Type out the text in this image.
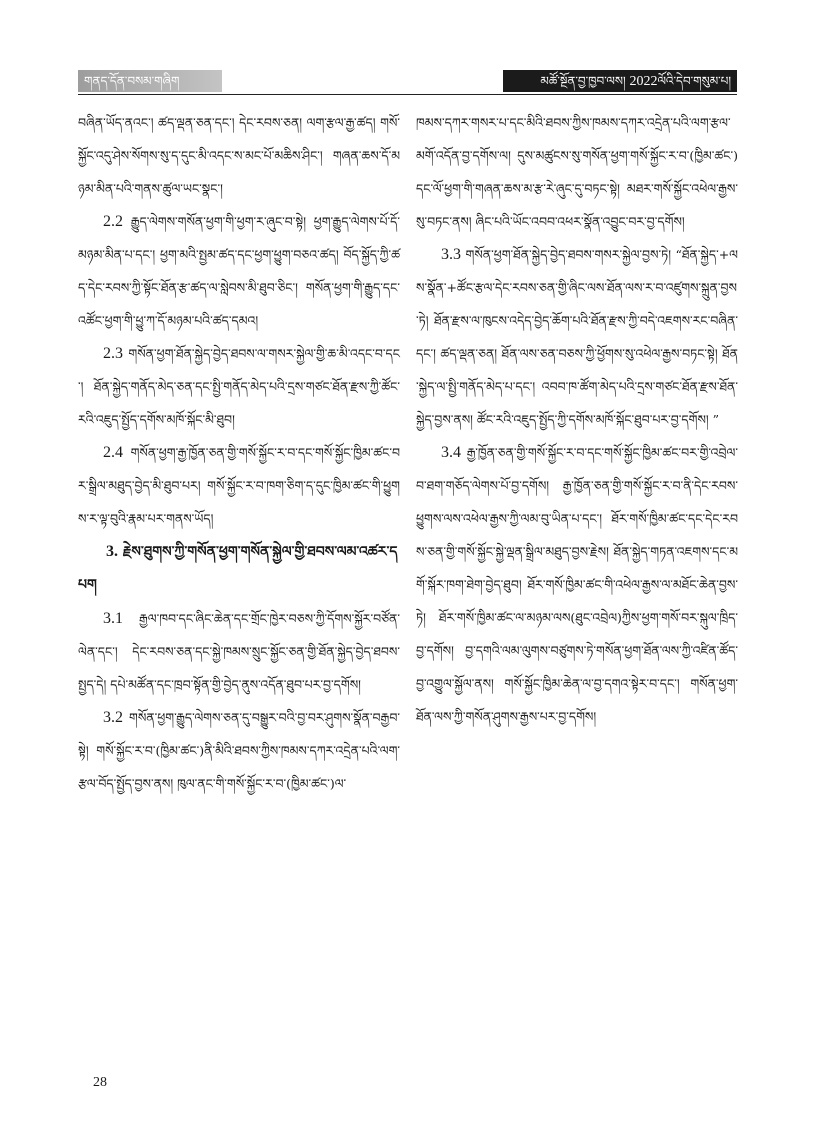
གནད་དོན་བསམ་གཞིག	མཚོ་སྔོན་བྱ་ཁྱབ་ལས། 2022ལོའི་དེབ་གསུམ་པ།

བཞིན་ཡོད་ནའང་། ཚད་ལྡན་ཅན་དང་། དེང་རབས་ཅན། ལག་རྩལ་རྒྱ་ཚད། གསོ་སྐྱོང་འདུ་ཤེས་སོགས་སུ་ད་དུང་མི་འདང་ས་མང་པོ་མཆིས་ཤིང་། གཞན་ཆས་དོ་མཉམ་མིན་པའི་གནས་ཚུལ་ཡང་སྣང་།

2.2 རྒྱུད་ལེགས་གསོན་ཕྱག་གི་ཕྱག་ར་ཞུང་བ་སྟེ། ཕྱག་རྒྱུད་ལེགས་པོ་དོ་མཉམ་མིན་པ་དང་། ཕྱག་མའི་སྤྱམ་ཚད་དང་ཕྱག་ཕྱུག་བཅའ་ཚད། བོད་སྐྱོད་ཀྱི་ཚད་དེང་རབས་ཀྱི་སྟོང་ཐོན་རྩ་ཚད་ལ་སླེབས་མི་ཐུབ་ཅིང་། གསོན་ཕྱག་གི་རྒྱུད་དང་འཚོང་ཕྱག་གི་ཕྱུ་ཀ་དོ་མཉམ་པའི་ཚད་དམའ།

2.3 གསོན་ཕྱག་ཐོན་སྐྱེད་བྱེད་ཐབས་ལ་གསར་སྐྱེལ་གྱི་ཆ་མི་འདང་བ་དང་། ཐོན་སྐྱེད་གནོད་མེད་ཅན་དང་སྤྱི་གནོད་མེད་པའི་དྲས་གཙང་ཐོན་རྫས་ཀྱི་ཚོང་རའི་འཇུད་སྤྱོད་དགོས་མཁོ་སྐོང་མི་ཐུབ།

2.4 གསོན་ཕྱག་རྒྱ་ཁྱོན་ཅན་གྱི་གསོ་སྐྱོང་ར་བ་དང་གསོ་སྐྱོང་ཁྱིམ་ཚང་བར་སྒྲིལ་མཐུད་བྱེད་མི་ཐུབ་པར། གསོ་སྐྱོང་ར་བ་ཁག་ཅིག་ད་དུང་ཁྱིམ་ཚང་གི་ཕྱུགས་ར་ལྟ་བུའི་རྣམ་པར་གནས་ཡོད།

3. རྗེས་ཐུགས་ཀྱི་གསོན་ཕྱག་གསོན་སྐྱེལ་གྱི་ཐབས་ལམ་འཚར་དཔག

3.1 རྒྱལ་ཁབ་དང་ཞིང་ཆེན་དང་གྲོང་ཁྱེར་བཅས་ཀྱི་དོགས་སྐྱོར་བཙོན་ལེན་དང་། དེང་རབས་ཅན་དང་སྐྱེ་ཁམས་སྲུང་སྐྱོང་ཅན་གྱི་ཐོན་སྐྱེད་བྱེད་ཐབས་སྤྱད་དེ། དཔེ་མཚོན་དང་ཁྲབ་སྟོན་གྱི་བྱེད་ནུས་འདོན་ཐུབ་པར་བྱ་དགོས།

3.2 གསོན་ཕྱག་རྒྱུད་ལེགས་ཅན་དུ་བསྒྱུར་བའི་བྱ་བར་ཤུགས་སྣོན་བརྒྱབ་སྟེ། གསོ་སྐྱོང་ར་བ་(ཁྱིམ་ཚང་)ནི་མིའི་ཐབས་ཀྱིས་ཁམས་དཀར་འདྲེན་པའི་ལག་རྩལ་བོད་སྤྱོད་བྱས་ནས། ཁུལ་ནང་གི་གསོ་སྐྱོང་ར་བ་(ཁྱིམ་ཚང་)ལ་

ཁམས་དཀར་གསར་པ་དང་མིའི་ཐབས་ཀྱིས་ཁམས་དཀར་འདྲེན་པའི་ལག་རྩལ་མགོ་འདོན་བྱ་དགོས་ལ། དུས་མཚུངས་སུ་གསོན་ཕྱག་གསོ་སྐྱོང་ར་བ་(ཁྱིམ་ཚང་)དང་ལོ་ཕྱག་གི་གཞན་ཆས་མ་རྩ་རེ་ཞུང་དུ་བཏང་སྟེ། མཐར་གསོ་སྐྱོང་འཕེལ་རྒྱས་སུ་བཏང་ནས། ཞིང་པའི་ཡོང་འབབ་འཕར་སྣོན་འབྱུང་བར་བྱ་དགོས།

3.3 གསོན་ཕྱག་ཐོན་སྐྱེད་བྱེད་ཐབས་གསར་སྐྱེལ་བྱས་ཏེ། “ཐོན་སྐྱེད་+ལས་སྣོན་+ཚོང་རྩལ་དེང་རབས་ཅན་གྱི་ཞིང་ལས་ཐོན་ལས་ར་བ་འཛུགས་སྐྲུན་བྱས་ཏེ། ཐོན་རྫས་ལ་ཁུངས་འདེད་བྱེད་ཆོག་པའི་ཐོན་རྫས་ཀྱི་བདེ་འཇགས་རང་བཞིན་དང་། ཚད་ལྡན་ཅན། ཐོན་ལས་ཅན་བཅས་ཀྱི་ཕྱོགས་སུ་འཕེལ་རྒྱས་བཏང་སྟེ། ཐོན་སྐྱེད་ལ་སྤྱི་གནོད་མེད་པ་དང་། འབབ་ཁ་ཚོག་མེད་པའི་དྲས་གཙང་ཐོན་རྫས་ཐོན་སྐྱེད་བྱས་ནས། ཚོང་རའི་འཇུད་སྤྱོད་ཀྱི་དགོས་མཁོ་སྐོང་ཐུབ་པར་བྱ་དགོས། ”

3.4 རྒྱ་ཁྱོན་ཅན་གྱི་གསོ་སྐྱོང་ར་བ་དང་གསོ་སྐྱོང་ཁྱིམ་ཚང་བར་གྱི་འབྲེལ་བ་ཐག་གཅོད་ལེགས་པོ་བྱ་དགོས། རྒྱ་ཁྱོན་ཅན་གྱི་གསོ་སྐྱོང་ར་བ་ནི་དེང་རབས་ཕྱུགས་ལས་འཕེལ་རྒྱས་ཀྱི་ལམ་བུ་ཡིན་པ་དང་། ཐོར་གསོ་ཁྱིམ་ཚང་དང་དེང་རབས་ཅན་གྱི་གསོ་སྐྱོང་སྐྱེ་ལྡན་སྒྲིལ་མཐུད་བྱས་རྗེས། ཐོན་སྐྱེད་གཏན་འཇགས་དང་མགོ་སྐོར་ཁག་ཐེག་བྱེད་ཐུབ། ཐོར་གསོ་ཁྱིམ་ཚང་གི་འཕེལ་རྒྱས་ལ་མཐོང་ཆེན་བྱས་ཏེ། ཐོར་གསོ་ཁྱིམ་ཚང་ལ་མཉམ་ལས(ཐུང་འབྲེལ)ཀྱིས་ཕྱག་གསོ་བར་སྐུལ་ཁྲིད་བྱ་དགོས། བྱ་དགའི་ལམ་ལུགས་བཙུགས་ཏེ་གསོན་ཕྱག་ཐོན་ལས་ཀྱི་འཛིན་ཚོད་བྱ་འགྱུལ་སྐྱོལ་ནས། གསོ་སྐྱོང་ཁྱིམ་ཆེན་ལ་བྱ་དགའ་སྟེར་བ་དང་། གསོན་ཕྱག་ཐོན་ལས་ཀྱི་གསོན་ཤུགས་རྒྱས་པར་བྱ་དགོས།

28
